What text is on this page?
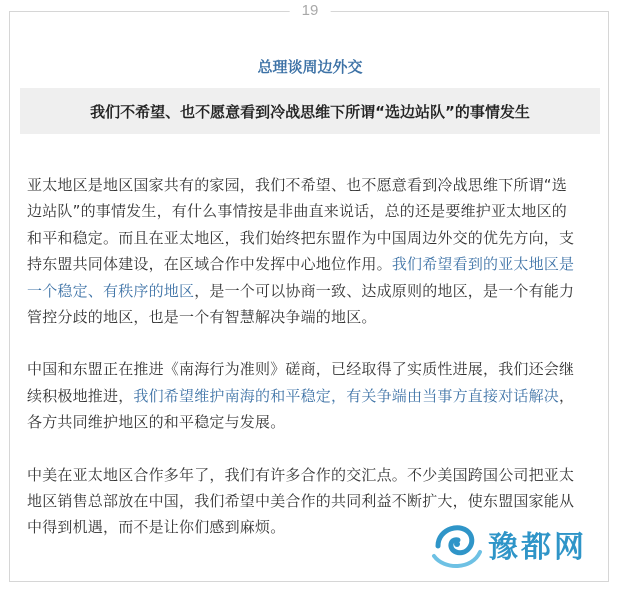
19
总理谈周边外交
我们不希望、也不愿意看到冷战思维下所谓“选边站队”的事情发生

亚太地区是地区国家共有的家园，我们不希望、也不愿意看到冷战思维下所谓“选边站队”的事情发生，有什么事情按是非曲直来说话，总的还是要维护亚太地区的和平和稳定。而且在亚太地区，我们始终把东盟作为中国周边外交的优先方向，支持东盟共同体建设，在区域合作中发挥中心地位作用。我们希望看到的亚太地区是一个稳定、有秩序的地区，是一个可以协商一致、达成原则的地区，是一个有能力管控分歧的地区，也是一个有智慧解决争端的地区。

中国和东盟正在推进《南海行为准则》磋商，已经取得了实质性进展，我们还会继续积极地推进，我们希望维护南海的和平稳定，有关争端由当事方直接对话解决，各方共同维护地区的和平稳定与发展。

中美在亚太地区合作多年了，我们有许多合作的交汇点。不少美国跨国公司把亚太地区销售总部放在中国，我们希望中美合作的共同利益不断扩大，使东盟国家能从中得到机遇，而不是让你们感到麻烦。

豫都网
